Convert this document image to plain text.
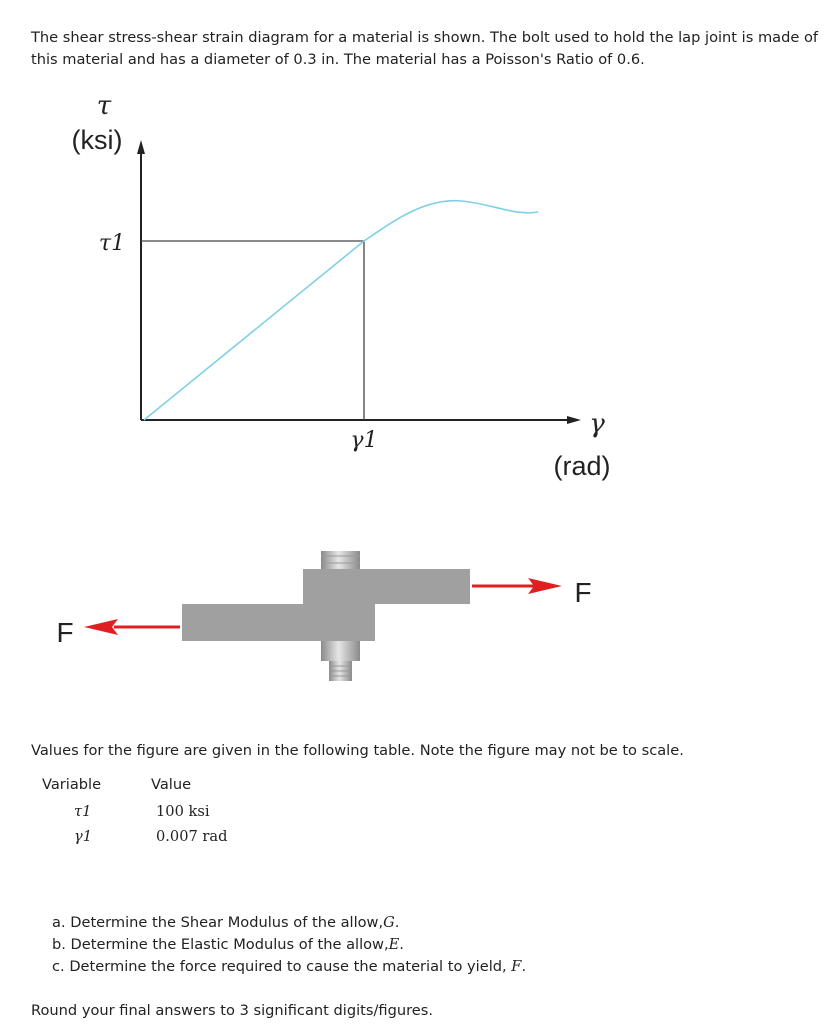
The shear stress-shear strain diagram for a material is shown. The bolt used to hold the lap joint is made of this material and has a diameter of 0.3 in. The material has a Poisson's Ratio of 0.6.

τ
(ksi)
τ1
γ1
γ
(rad)
F
F

Values for the figure are given in the following table. Note the figure may not be to scale.

Variable	Value
τ1	100 ksi
γ1	0.007 rad
a. Determine the Shear Modulus of the allow,G.
b. Determine the Elastic Modulus of the allow,E.
c. Determine the force required to cause the material to yield, F.

Round your final answers to 3 significant digits/figures.
